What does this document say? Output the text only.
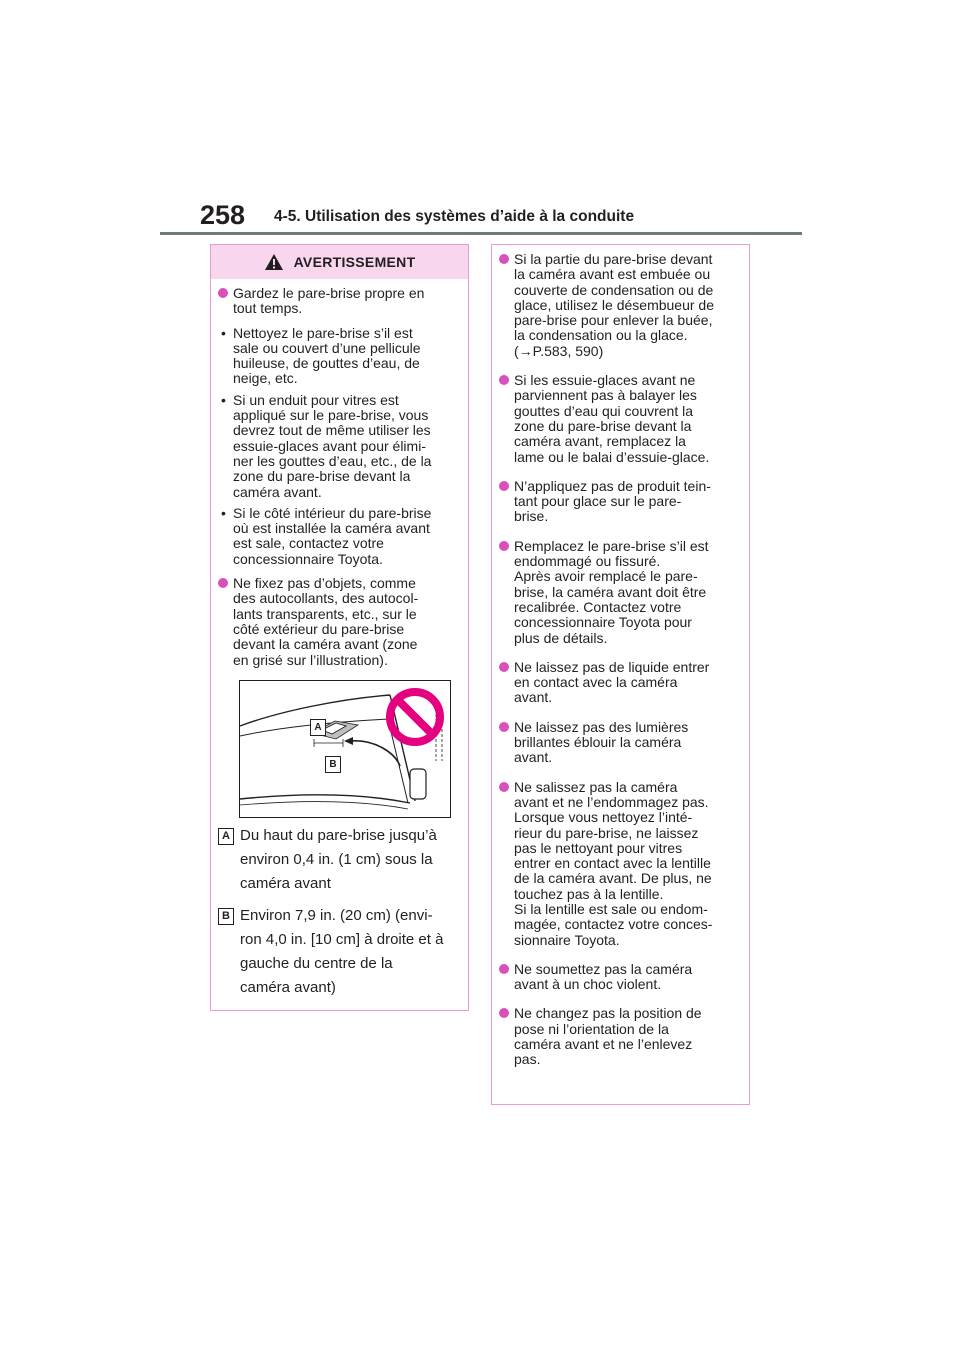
258 4-5. Utilisation des systèmes d’aide à la conduite
AVERTISSEMENT
Gardez le pare-brise propre en
tout temps.
• Nettoyez le pare-brise s’il est
sale ou couvert d’une pellicule
huileuse, de gouttes d’eau, de
neige, etc.
• Si un enduit pour vitres est
appliqué sur le pare-brise, vous
devrez tout de même utiliser les
essuie-glaces avant pour élimi-
ner les gouttes d’eau, etc., de la
zone du pare-brise devant la
caméra avant.
• Si le côté intérieur du pare-brise
où est installée la caméra avant
est sale, contactez votre
concessionnaire Toyota.
Ne fixez pas d’objets, comme
des autocollants, des autocol-
lants transparents, etc., sur le
côté extérieur du pare-brise
devant la caméra avant (zone
en grisé sur l’illustration).
A
B
A Du haut du pare-brise jusqu’à
environ 0,4 in. (1 cm) sous la
caméra avant
B Environ 7,9 in. (20 cm) (envi-
ron 4,0 in. [10 cm] à droite et à
gauche du centre de la
caméra avant)
Si la partie du pare-brise devant
la caméra avant est embuée ou
couverte de condensation ou de
glace, utilisez le désembueur de
pare-brise pour enlever la buée,
la condensation ou la glace.
(→P.583, 590)
Si les essuie-glaces avant ne
parviennent pas à balayer les
gouttes d’eau qui couvrent la
zone du pare-brise devant la
caméra avant, remplacez la
lame ou le balai d’essuie-glace.
N’appliquez pas de produit tein-
tant pour glace sur le pare-
brise.
Remplacez le pare-brise s’il est
endommagé ou fissuré.
Après avoir remplacé le pare-
brise, la caméra avant doit être
recalibrée. Contactez votre
concessionnaire Toyota pour
plus de détails.
Ne laissez pas de liquide entrer
en contact avec la caméra
avant.
Ne laissez pas des lumières
brillantes éblouir la caméra
avant.
Ne salissez pas la caméra
avant et ne l’endommagez pas.
Lorsque vous nettoyez l’inté-
rieur du pare-brise, ne laissez
pas le nettoyant pour vitres
entrer en contact avec la lentille
de la caméra avant. De plus, ne
touchez pas à la lentille.
Si la lentille est sale ou endom-
magée, contactez votre conces-
sionnaire Toyota.
Ne soumettez pas la caméra
avant à un choc violent.
Ne changez pas la position de
pose ni l’orientation de la
caméra avant et ne l’enlevez
pas.
